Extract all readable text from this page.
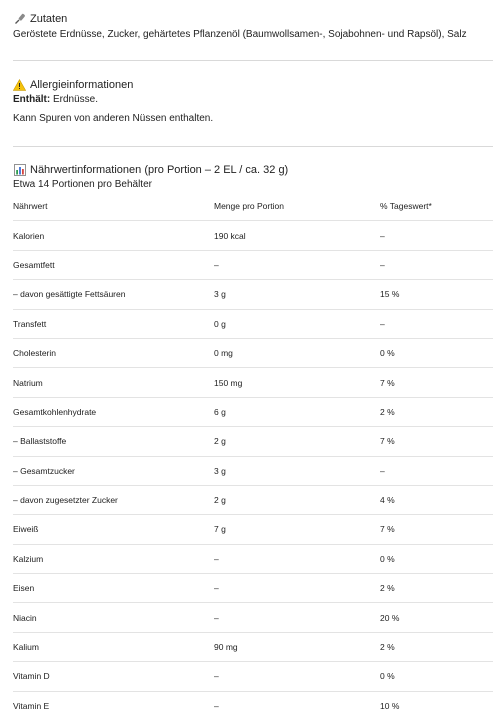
Zutaten
Geröstete Erdnüsse, Zucker, gehärtetes Pflanzenöl (Baumwollsamen-, Sojabohnen- und Rapsöl), Salz
Allergieinformationen
Enthält: Erdnüsse.
Kann Spuren von anderen Nüssen enthalten.
Nährwertinformationen (pro Portion – 2 EL / ca. 32 g)
Etwa 14 Portionen pro Behälter
Nährwert	Menge pro Portion	% Tageswert*
Kalorien	190 kcal	–
Gesamtfett	–	–
– davon gesättigte Fettsäuren	3 g	15 %
Transfett	0 g	–
Cholesterin	0 mg	0 %
Natrium	150 mg	7 %
Gesamtkohlenhydrate	6 g	2 %
– Ballaststoffe	2 g	7 %
– Gesamtzucker	3 g	–
– davon zugesetzter Zucker	2 g	4 %
Eiweiß	7 g	7 %
Kalzium	–	0 %
Eisen	–	2 %
Niacin	–	20 %
Kalium	90 mg	2 %
Vitamin D	–	0 %
Vitamin E	–	10 %
